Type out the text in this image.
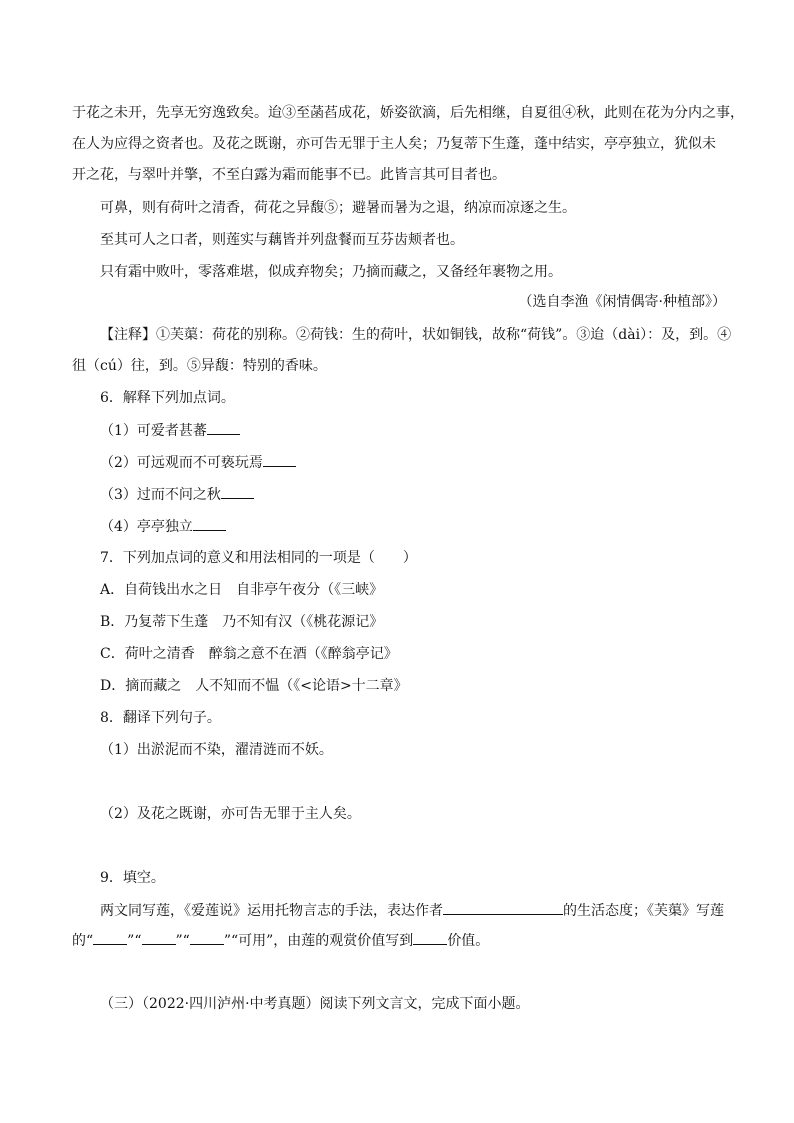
于花之未开，先享无穷逸致矣。迨③至菡萏成花，娇姿欲滴，后先相继，自夏徂④秋，此则在花为分内之事，
在人为应得之资者也。及花之既谢，亦可告无罪于主人矣；乃复蒂下生蓬，蓬中结实，亭亭独立，犹似未
开之花，与翠叶并擎，不至白露为霜而能事不已。此皆言其可目者也。
可鼻，则有荷叶之清香，荷花之异馥⑤；避暑而暑为之退，纳凉而凉逐之生。
至其可人之口者，则莲实与藕皆并列盘餐而互芬齿颊者也。
只有霜中败叶，零落难堪，似成弃物矣；乃摘而藏之，又备经年裹物之用。
（选自李渔《闲情偶寄·种植部》）
【注释】①芙蕖：荷花的别称。②荷钱：生的荷叶，状如铜钱，故称“荷钱”。③迨（dài）：及，到。④
徂（cú）往，到。⑤异馥：特别的香味。
6．解释下列加点词。
（1）可爱者甚蕃
（2）可远观而不可亵玩焉
（3）过而不问之秋
（4）亭亭独立
7．下列加点词的意义和用法相同的一项是（　　）
A．自荷钱出水之日　自非亭午夜分（《三峡》
B．乃复蒂下生蓬　乃不知有汉（《桃花源记》
C．荷叶之清香　醉翁之意不在酒（《醉翁亭记》
D．摘而藏之　人不知而不愠（《<论语>十二章》
8．翻译下列句子。
（1）出淤泥而不染，濯清涟而不妖。
（2）及花之既谢，亦可告无罪于主人矣。
9．填空。
两文同写莲，《爱莲说》运用托物言志的手法，表达作者	的生活态度；《芙蕖》写莲
的“ ”“ ”“ ”“可用”，由莲的观赏价值写到 价值。
（三）（2022·四川泸州·中考真题）阅读下列文言文，完成下面小题。
